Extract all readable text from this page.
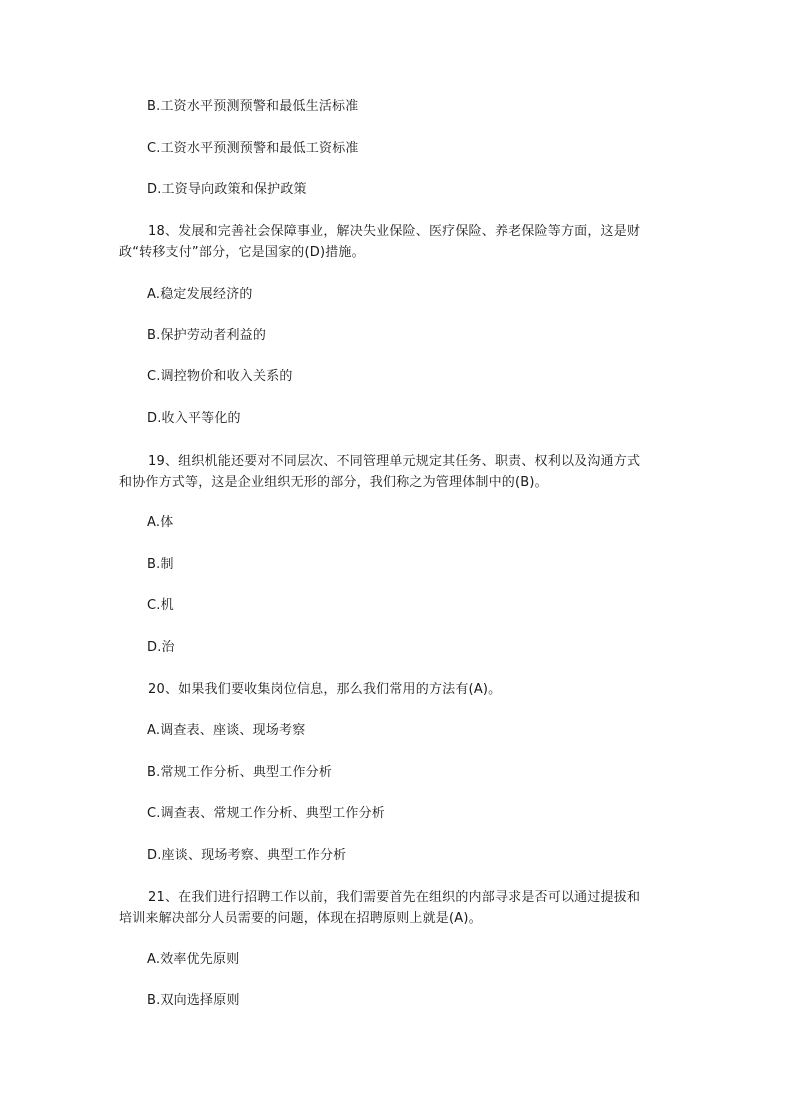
B.工资水平预测预警和最低生活标准
C.工资水平预测预警和最低工资标准
D.工资导向政策和保护政策
18、发展和完善社会保障事业，解决失业保险、医疗保险、养老保险等方面，这是财
政“转移支付”部分，它是国家的(D)措施。
A.稳定发展经济的
B.保护劳动者利益的
C.调控物价和收入关系的
D.收入平等化的
19、组织机能还要对不同层次、不同管理单元规定其任务、职责、权利以及沟通方式
和协作方式等，这是企业组织无形的部分，我们称之为管理体制中的(B)。
A.体
B.制
C.机
D.治
20、如果我们要收集岗位信息，那么我们常用的方法有(A)。
A.调查表、座谈、现场考察
B.常规工作分析、典型工作分析
C.调查表、常规工作分析、典型工作分析
D.座谈、现场考察、典型工作分析
21、在我们进行招聘工作以前，我们需要首先在组织的内部寻求是否可以通过提拔和
培训来解决部分人员需要的问题，体现在招聘原则上就是(A)。
A.效率优先原则
B.双向选择原则
